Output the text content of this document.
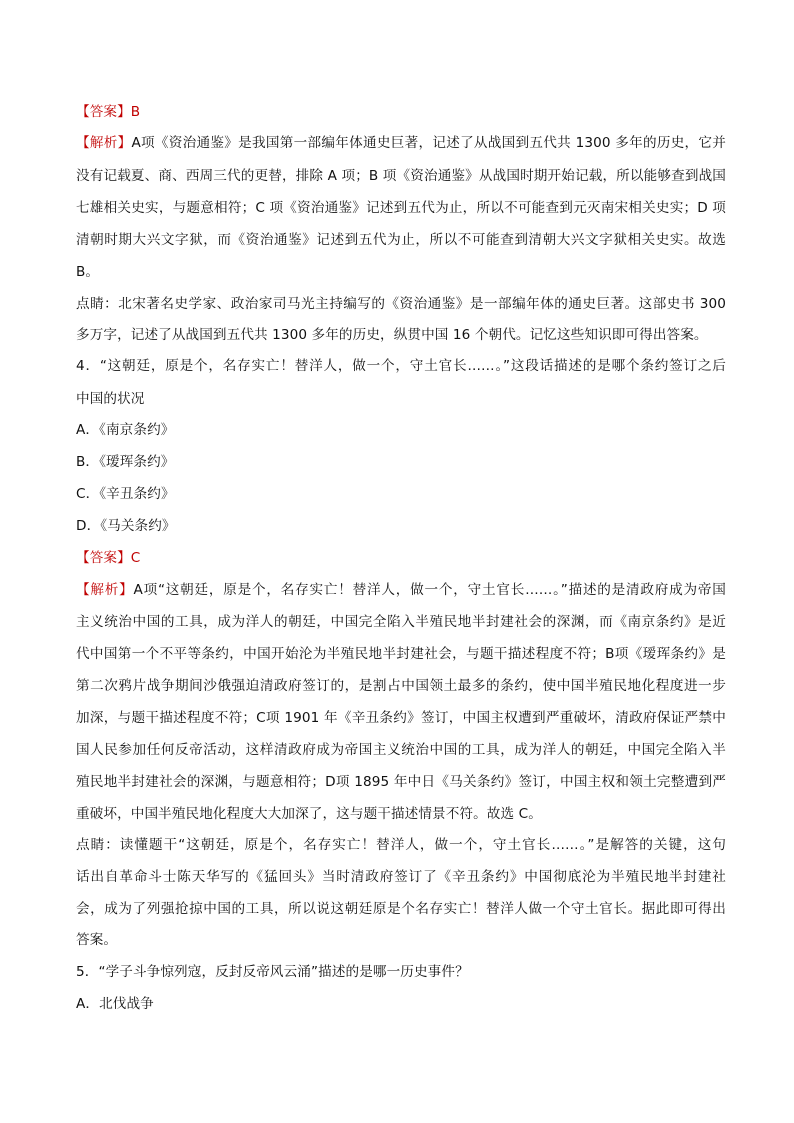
【答案】B
【解析】A项《资治通鉴》是我国第一部编年体通史巨著，记述了从战国到五代共 1300 多年的历史，它并
没有记载夏、商、西周三代的更替，排除 A 项；B 项《资治通鉴》从战国时期开始记载，所以能够查到战国
七雄相关史实，与题意相符；C 项《资治通鉴》记述到五代为止，所以不可能查到元灭南宋相关史实；D 项
清朝时期大兴文字狱，而《资治通鉴》记述到五代为止，所以不可能查到清朝大兴文字狱相关史实。故选
B。
点睛：北宋著名史学家、政治家司马光主持编写的《资治通鉴》是一部编年体的通史巨著。这部史书 300
多万字，记述了从战国到五代共 1300 多年的历史，纵贯中国 16 个朝代。记忆这些知识即可得出答案。
4．“这朝廷，原是个，名存实亡！替洋人，做一个，守土官长……。”这段话描述的是哪个条约签订之后
中国的状况
A．《南京条约》
B．《瑷珲条约》
C．《辛丑条约》
D．《马关条约》
【答案】C
【解析】A项“这朝廷，原是个，名存实亡！替洋人，做一个，守土官长……。”描述的是清政府成为帝国
主义统治中国的工具，成为洋人的朝廷，中国完全陷入半殖民地半封建社会的深渊，而《南京条约》是近
代中国第一个不平等条约，中国开始沦为半殖民地半封建社会，与题干描述程度不符；B项《瑷珲条约》是
第二次鸦片战争期间沙俄强迫清政府签订的，是割占中国领土最多的条约，使中国半殖民地化程度进一步
加深，与题干描述程度不符；C项 1901 年《辛丑条约》签订，中国主权遭到严重破坏，清政府保证严禁中
国人民参加任何反帝活动，这样清政府成为帝国主义统治中国的工具，成为洋人的朝廷，中国完全陷入半
殖民地半封建社会的深渊，与题意相符；D项 1895 年中日《马关条约》签订，中国主权和领土完整遭到严
重破坏，中国半殖民地化程度大大加深了，这与题干描述情景不符。故选 C。
点睛：读懂题干“这朝廷，原是个，名存实亡！替洋人，做一个，守土官长……。”是解答的关键，这句
话出自革命斗士陈天华写的《猛回头》当时清政府签订了《辛丑条约》中国彻底沦为半殖民地半封建社
会，成为了列强抢掠中国的工具，所以说这朝廷原是个名存实亡！替洋人做一个守土官长。据此即可得出
答案。
5．“学子斗争惊列寇，反封反帝风云涌”描述的是哪一历史事件？
A．北伐战争
